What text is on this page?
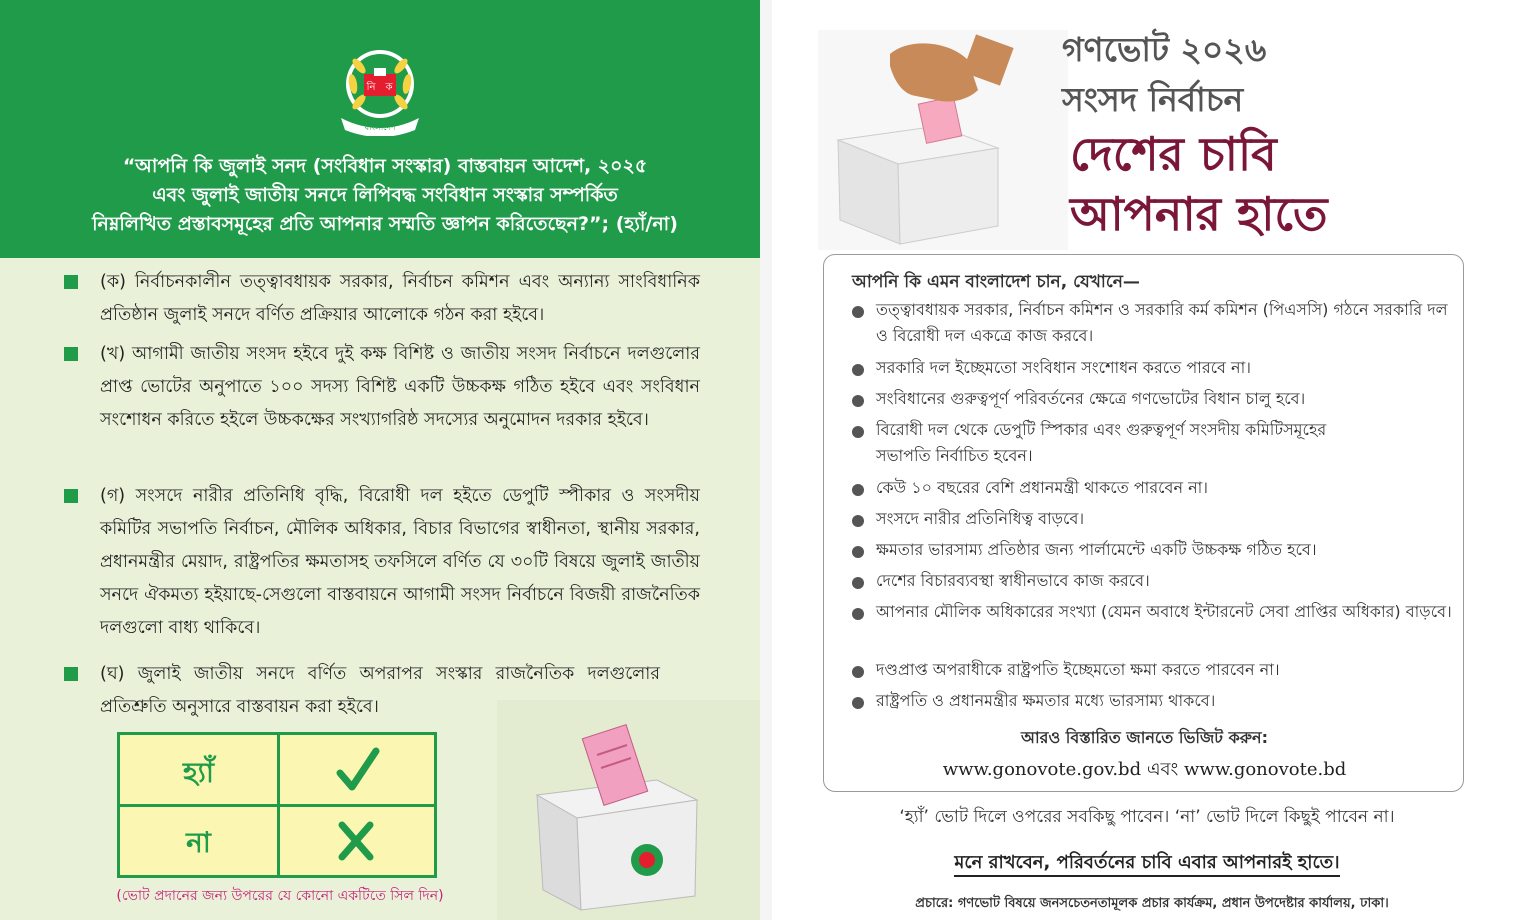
নি ক
বাংলাদেশ
“আপনি কি জুলাই সনদ (সংবিধান সংস্কার) বাস্তবায়ন আদেশ, ২০২৫
এবং জুলাই জাতীয় সনদে লিপিবদ্ধ সংবিধান সংস্কার সম্পর্কিত
নিম্নলিখিত প্রস্তাবসমূহের প্রতি আপনার সম্মতি জ্ঞাপন করিতেছেন?”; (হ্যাঁ/না)
(ক) নির্বাচনকালীন তত্ত্বাবধায়ক সরকার, নির্বাচন কমিশন এবং অন্যান্য সাংবিধানিক প্রতিষ্ঠান জুলাই সনদে বর্ণিত প্রক্রিয়ার আলোকে গঠন করা হইবে।
(খ) আগামী জাতীয় সংসদ হইবে দুই কক্ষ বিশিষ্ট ও জাতীয় সংসদ নির্বাচনে দলগুলোর প্রাপ্ত ভোটের অনুপাতে ১০০ সদস্য বিশিষ্ট একটি উচ্চকক্ষ গঠিত হইবে এবং সংবিধান সংশোধন করিতে হইলে উচ্চকক্ষের সংখ্যাগরিষ্ঠ সদস্যের অনুমোদন দরকার হইবে।
(গ) সংসদে নারীর প্রতিনিধি বৃদ্ধি, বিরোধী দল হইতে ডেপুটি স্পীকার ও সংসদীয় কমিটির সভাপতি নির্বাচন, মৌলিক অধিকার, বিচার বিভাগের স্বাধীনতা, স্থানীয় সরকার, প্রধানমন্ত্রীর মেয়াদ, রাষ্ট্রপতির ক্ষমতাসহ তফসিলে বর্ণিত যে ৩০টি বিষয়ে জুলাই জাতীয় সনদে ঐকমত্য হইয়াছে-সেগুলো বাস্তবায়নে আগামী সংসদ নির্বাচনে বিজয়ী রাজনৈতিক দলগুলো বাধ্য থাকিবে।
(ঘ) জুলাই জাতীয় সনদে বর্ণিত অপরাপর সংস্কার রাজনৈতিক দলগুলোর প্রতিশ্রুতি অনুসারে বাস্তবায়ন করা হইবে।
হ্যাঁ
না
(ভোট প্রদানের জন্য উপরের যে কোনো একটিতে সিল দিন)
গণভোট ২০২৬
সংসদ নির্বাচন
দেশের চাবি
আপনার হাতে
আপনি কি এমন বাংলাদেশ চান, যেখানে—
তত্ত্বাবধায়ক সরকার, নির্বাচন কমিশন ও সরকারি কর্ম কমিশন (পিএসসি) গঠনে সরকারি দল ও বিরোধী দল একত্রে কাজ করবে।
সরকারি দল ইচ্ছেমতো সংবিধান সংশোধন করতে পারবে না।
সংবিধানের গুরুত্বপূর্ণ পরিবর্তনের ক্ষেত্রে গণভোটের বিধান চালু হবে।
বিরোধী দল থেকে ডেপুটি স্পিকার এবং গুরুত্বপূর্ণ সংসদীয় কমিটিসমূহের সভাপতি নির্বাচিত হবেন।
কেউ ১০ বছরের বেশি প্রধানমন্ত্রী থাকতে পারবেন না।
সংসদে নারীর প্রতিনিধিত্ব বাড়বে।
ক্ষমতার ভারসাম্য প্রতিষ্ঠার জন্য পার্লামেন্টে একটি উচ্চকক্ষ গঠিত হবে।
দেশের বিচারব্যবস্থা স্বাধীনভাবে কাজ করবে।
আপনার মৌলিক অধিকারের সংখ্যা (যেমন অবাধে ইন্টারনেট সেবা প্রাপ্তির অধিকার) বাড়বে।
দণ্ডপ্রাপ্ত অপরাধীকে রাষ্ট্রপতি ইচ্ছেমতো ক্ষমা করতে পারবেন না।
রাষ্ট্রপতি ও প্রধানমন্ত্রীর ক্ষমতার মধ্যে ভারসাম্য থাকবে।
আরও বিস্তারিত জানতে ভিজিট করুন:
www.gonovote.gov.bd এবং www.gonovote.bd
‘হ্যাঁ’ ভোট দিলে ওপরের সবকিছু পাবেন। ‘না’ ভোট দিলে কিছুই পাবেন না।
মনে রাখবেন, পরিবর্তনের চাবি এবার আপনারই হাতে।
প্রচারে: গণভোট বিষয়ে জনসচেতনতামূলক প্রচার কার্যক্রম, প্রধান উপদেষ্টার কার্যালয়, ঢাকা।
